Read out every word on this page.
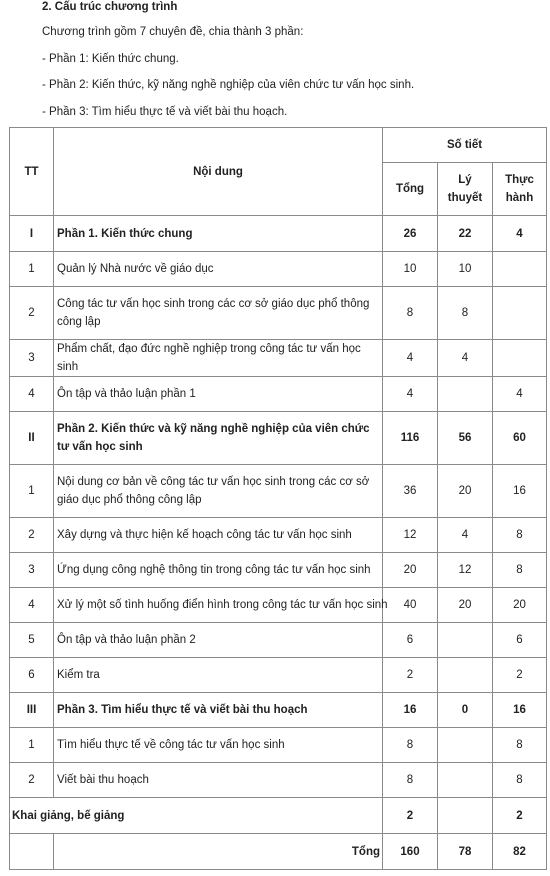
2. Cấu trúc chương trình
Chương trình gồm 7 chuyên đề, chia thành 3 phần:
- Phần 1: Kiến thức chung.
- Phần 2: Kiến thức, kỹ năng nghề nghiệp của viên chức tư vấn học sinh.
- Phần 3: Tìm hiểu thực tế và viết bài thu hoạch.
TT	Nội dung	Số tiết		
		Tổng	Lý thuyết	Thực hành
I	Phần 1. Kiến thức chung	26	22	4
1	Quản lý Nhà nước về giáo dục	10	10	
2	Công tác tư vấn học sinh trong các cơ sở giáo dục phổ thông công lập	8	8	
3	Phẩm chất, đạo đức nghề nghiệp trong công tác tư vấn học sinh	4	4	
4	Ôn tập và thảo luận phần 1	4		4
II	Phần 2. Kiến thức và kỹ năng nghề nghiệp của viên chức tư vấn học sinh	116	56	60
1	Nội dung cơ bản về công tác tư vấn học sinh trong các cơ sở giáo dục phổ thông công lập	36	20	16
2	Xây dựng và thực hiện kế hoạch công tác tư vấn học sinh	12	4	8
3	Ứng dụng công nghệ thông tin trong công tác tư vấn học sinh	20	12	8
4	Xử lý một số tình huống điển hình trong công tác tư vấn học sinh	40	20	20
5	Ôn tập và thảo luận phần 2	6		6
6	Kiểm tra	2		2
III	Phần 3. Tìm hiểu thực tế và viết bài thu hoạch	16	0	16
1	Tìm hiểu thực tế về công tác tư vấn học sinh	8		8
2	Viết bài thu hoạch	8		8
Khai giảng, bế giảng		2		2
	Tổng	160	78	82
